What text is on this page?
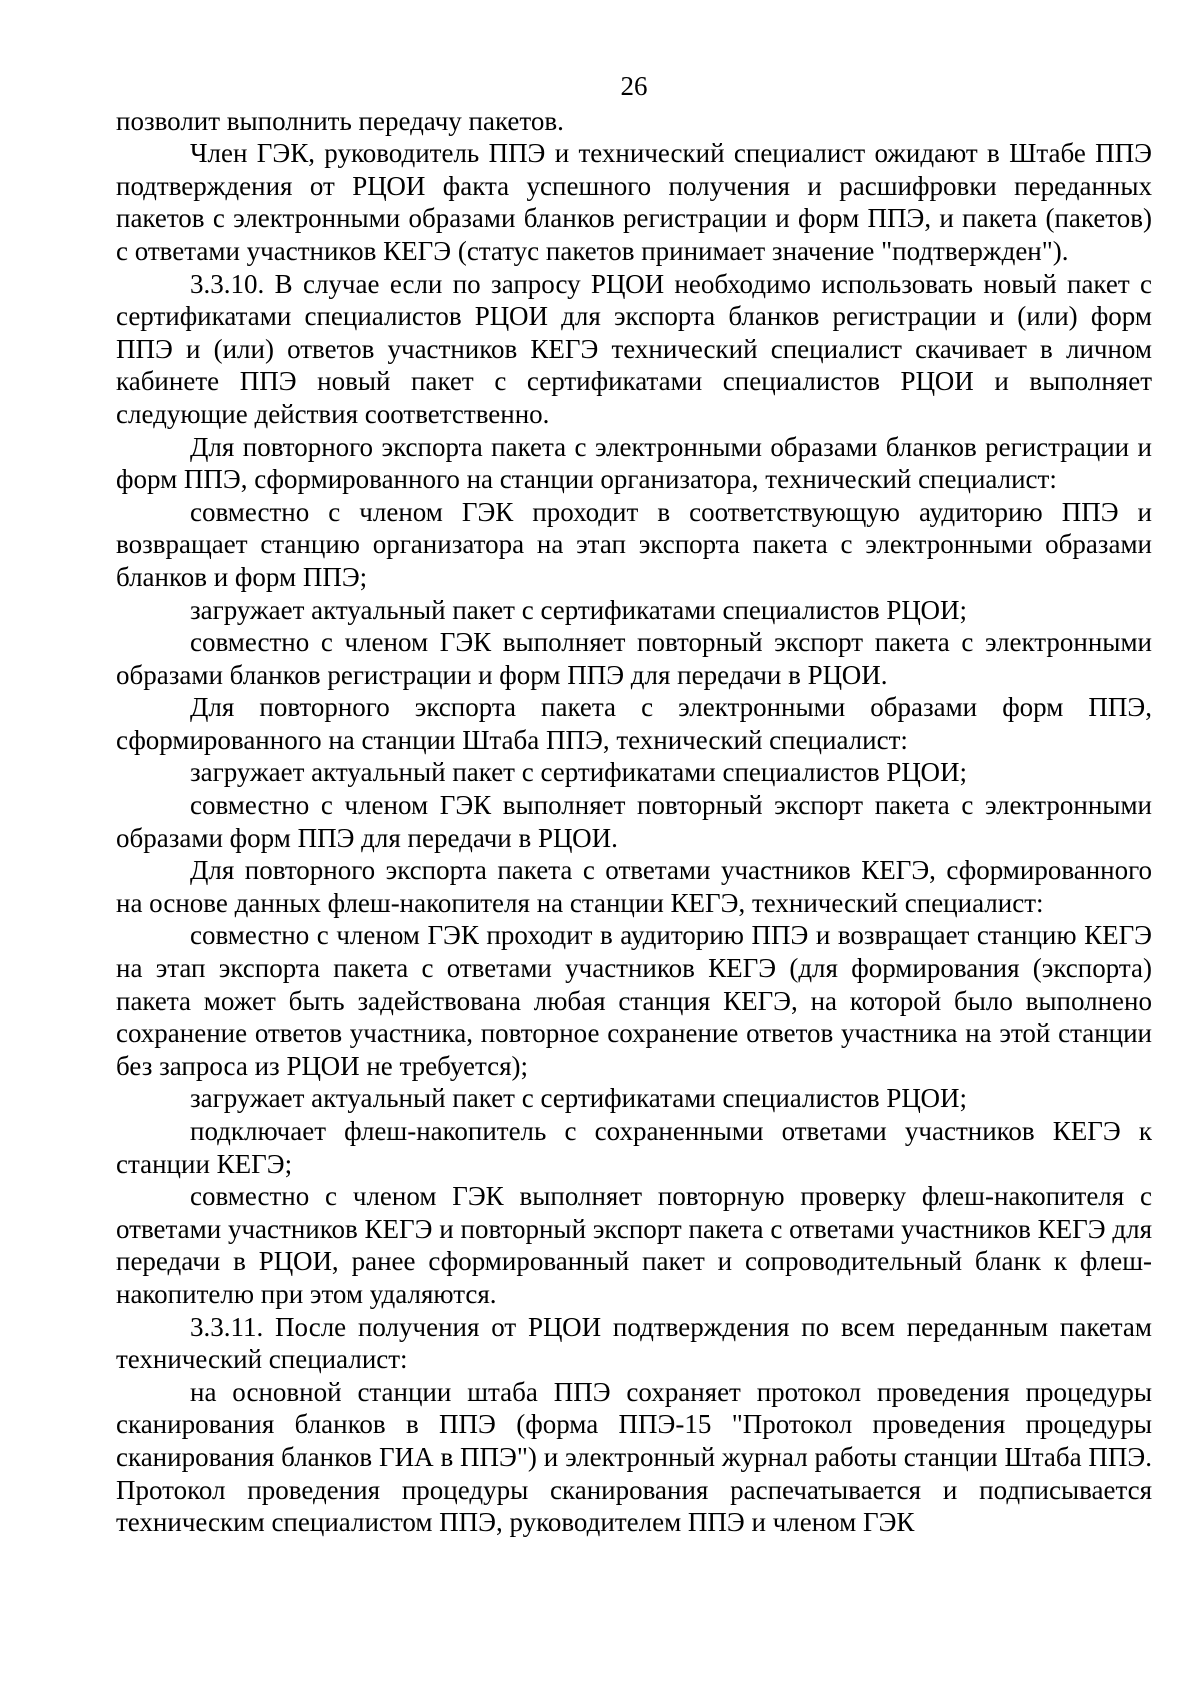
26

позволит выполнить передачу пакетов.

Член ГЭК, руководитель ППЭ и технический специалист ожидают в Штабе ППЭ подтверждения от РЦОИ факта успешного получения и расшифровки переданных пакетов с электронными образами бланков регистрации и форм ППЭ, и пакета (пакетов) с ответами участников КЕГЭ (статус пакетов принимает значение "подтвержден").

3.3.10. В случае если по запросу РЦОИ необходимо использовать новый пакет с сертификатами специалистов РЦОИ для экспорта бланков регистрации и (или) форм ППЭ и (или) ответов участников КЕГЭ технический специалист скачивает в личном кабинете ППЭ новый пакет с сертификатами специалистов РЦОИ и выполняет следующие действия соответственно.

Для повторного экспорта пакета с электронными образами бланков регистрации и форм ППЭ, сформированного на станции организатора, технический специалист:

совместно с членом ГЭК проходит в соответствующую аудиторию ППЭ и возвращает станцию организатора на этап экспорта пакета с электронными образами бланков и форм ППЭ;

загружает актуальный пакет с сертификатами специалистов РЦОИ;

совместно с членом ГЭК выполняет повторный экспорт пакета с электронными образами бланков регистрации и форм ППЭ для передачи в РЦОИ.

Для повторного экспорта пакета с электронными образами форм ППЭ, сформированного на станции Штаба ППЭ, технический специалист:

загружает актуальный пакет с сертификатами специалистов РЦОИ;

совместно с членом ГЭК выполняет повторный экспорт пакета с электронными образами форм ППЭ для передачи в РЦОИ.

Для повторного экспорта пакета с ответами участников КЕГЭ, сформированного на основе данных флеш-накопителя на станции КЕГЭ, технический специалист:

совместно с членом ГЭК проходит в аудиторию ППЭ и возвращает станцию КЕГЭ на этап экспорта пакета с ответами участников КЕГЭ (для формирования (экспорта) пакета может быть задействована любая станция КЕГЭ, на которой было выполнено сохранение ответов участника, повторное сохранение ответов участника на этой станции без запроса из РЦОИ не требуется);

загружает актуальный пакет с сертификатами специалистов РЦОИ;

подключает флеш-накопитель с сохраненными ответами участников КЕГЭ к станции КЕГЭ;

совместно с членом ГЭК выполняет повторную проверку флеш-накопителя с ответами участников КЕГЭ и повторный экспорт пакета с ответами участников КЕГЭ для передачи в РЦОИ, ранее сформированный пакет и сопроводительный бланк к флеш-накопителю при этом удаляются.

3.3.11. После получения от РЦОИ подтверждения по всем переданным пакетам технический специалист:

на основной станции штаба ППЭ сохраняет протокол проведения процедуры сканирования бланков в ППЭ (форма ППЭ-15 "Протокол проведения процедуры сканирования бланков ГИА в ППЭ") и электронный журнал работы станции Штаба ППЭ. Протокол проведения процедуры сканирования распечатывается и подписывается техническим специалистом ППЭ, руководителем ППЭ и членом ГЭК
